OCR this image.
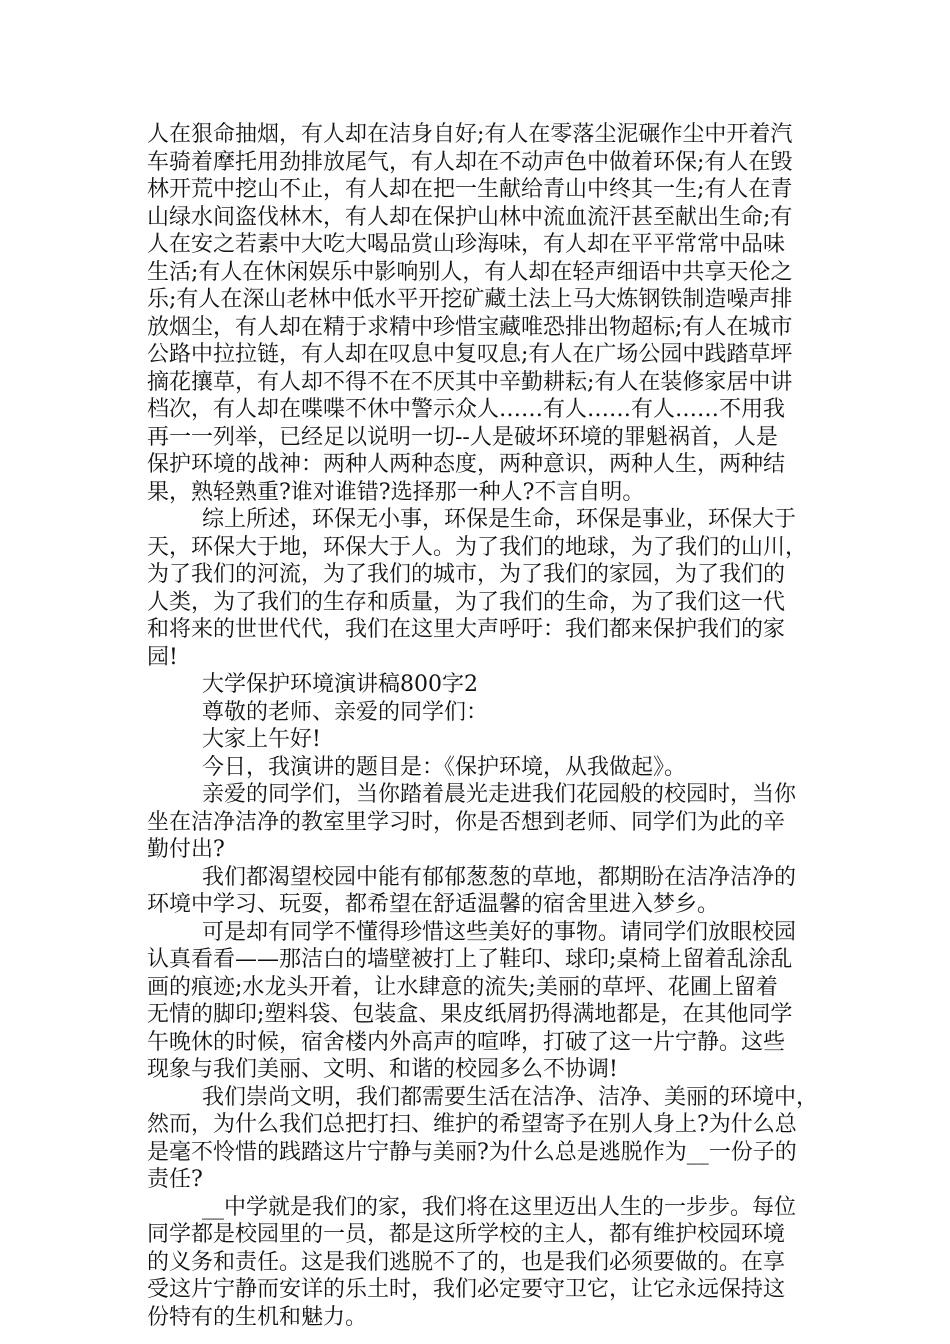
人在狠命抽烟，有人却在洁身自好;有人在零落尘泥碾作尘中开着汽
车骑着摩托用劲排放尾气，有人却在不动声色中做着环保;有人在毁
林开荒中挖山不止，有人却在把一生献给青山中终其一生;有人在青
山绿水间盗伐林木，有人却在保护山林中流血流汗甚至献出生命;有
人在安之若素中大吃大喝品赏山珍海味，有人却在平平常常中品味
生活;有人在休闲娱乐中影响别人，有人却在轻声细语中共享天伦之
乐;有人在深山老林中低水平开挖矿藏土法上马大炼钢铁制造噪声排
放烟尘，有人却在精于求精中珍惜宝藏唯恐排出物超标;有人在城市
公路中拉拉链，有人却在叹息中复叹息;有人在广场公园中践踏草坪
摘花攘草，有人却不得不在不厌其中辛勤耕耘;有人在装修家居中讲
档次，有人却在喋喋不休中警示众人……有人……有人……不用我
再一一列举，已经足以说明一切--人是破坏环境的罪魁祸首，人是
保护环境的战神：两种人两种态度，两种意识，两种人生，两种结
果，熟轻熟重?谁对谁错?选择那一种人?不言自明。
综上所述，环保无小事，环保是生命，环保是事业，环保大于
天，环保大于地，环保大于人。为了我们的地球，为了我们的山川，
为了我们的河流，为了我们的城市，为了我们的家园，为了我们的
人类，为了我们的生存和质量，为了我们的生命，为了我们这一代
和将来的世世代代，我们在这里大声呼吁：我们都来保护我们的家
园!
大学保护环境演讲稿800字2
尊敬的老师、亲爱的同学们：
大家上午好!
今日，我演讲的题目是：《保护环境，从我做起》。
亲爱的同学们，当你踏着晨光走进我们花园般的校园时，当你
坐在洁净洁净的教室里学习时，你是否想到老师、同学们为此的辛
勤付出?
我们都渴望校园中能有郁郁葱葱的草地，都期盼在洁净洁净的
环境中学习、玩耍，都希望在舒适温馨的宿舍里进入梦乡。
可是却有同学不懂得珍惜这些美好的事物。请同学们放眼校园
认真看看——那洁白的墙壁被打上了鞋印、球印;桌椅上留着乱涂乱
画的痕迹;水龙头开着，让水肆意的流失;美丽的草坪、花圃上留着
无情的脚印;塑料袋、包装盒、果皮纸屑扔得满地都是，在其他同学
午晚休的时候，宿舍楼内外高声的喧哗，打破了这一片宁静。这些
现象与我们美丽、文明、和谐的校园多么不协调!
我们崇尚文明，我们都需要生活在洁净、洁净、美丽的环境中，
然而，为什么我们总把打扫、维护的希望寄予在别人身上?为什么总
是毫不怜惜的践踏这片宁静与美丽?为什么总是逃脱作为__一份子的
责任?
__中学就是我们的家，我们将在这里迈出人生的一步步。每位
同学都是校园里的一员，都是这所学校的主人，都有维护校园环境
的义务和责任。这是我们逃脱不了的，也是我们必须要做的。在享
受这片宁静而安详的乐土时，我们必定要守卫它，让它永远保持这
份特有的生机和魅力。
